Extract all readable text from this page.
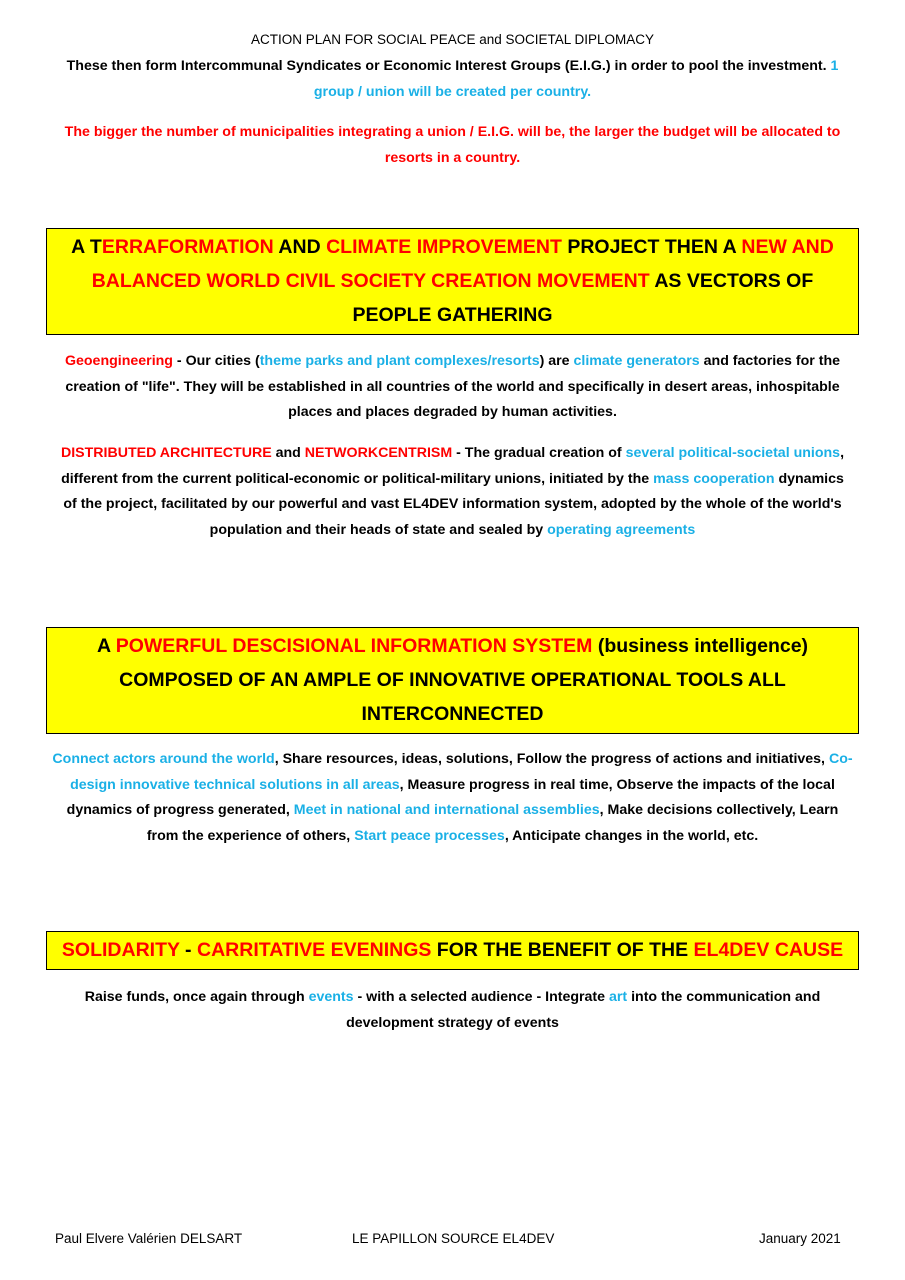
ACTION PLAN FOR SOCIAL PEACE and SOCIETAL DIPLOMACY
These then form Intercommunal Syndicates or Economic Interest Groups (E.I.G.) in order to pool the investment. 1 group / union will be created per country.
The bigger the number of municipalities integrating a union / E.I.G. will be, the larger the budget will be allocated to resorts in a country.
A TERRAFORMATION AND CLIMATE IMPROVEMENT PROJECT THEN A NEW AND BALANCED WORLD CIVIL SOCIETY CREATION MOVEMENT AS VECTORS OF PEOPLE GATHERING
Geoengineering - Our cities (theme parks and plant complexes/resorts) are climate generators and factories for the creation of "life". They will be established in all countries of the world and specifically in desert areas, inhospitable places and places degraded by human activities.
DISTRIBUTED ARCHITECTURE and NETWORKCENTRISM - The gradual creation of several political-societal unions, different from the current political-economic or political-military unions, initiated by the mass cooperation dynamics of the project, facilitated by our powerful and vast EL4DEV information system, adopted by the whole of the world's population and their heads of state and sealed by operating agreements
A POWERFUL DESCISIONAL INFORMATION SYSTEM (business intelligence) COMPOSED OF AN AMPLE OF INNOVATIVE OPERATIONAL TOOLS ALL INTERCONNECTED
Connect actors around the world, Share resources, ideas, solutions, Follow the progress of actions and initiatives, Co-design innovative technical solutions in all areas, Measure progress in real time, Observe the impacts of the local dynamics of progress generated, Meet in national and international assemblies, Make decisions collectively, Learn from the experience of others, Start peace processes, Anticipate changes in the world, etc.
SOLIDARITY - CARRITATIVE EVENINGS FOR THE BENEFIT OF THE EL4DEV CAUSE
Raise funds, once again through events - with a selected audience - Integrate art into the communication and development strategy of events
Paul Elvere Valérien DELSART	LE PAPILLON SOURCE EL4DEV	January 2021
